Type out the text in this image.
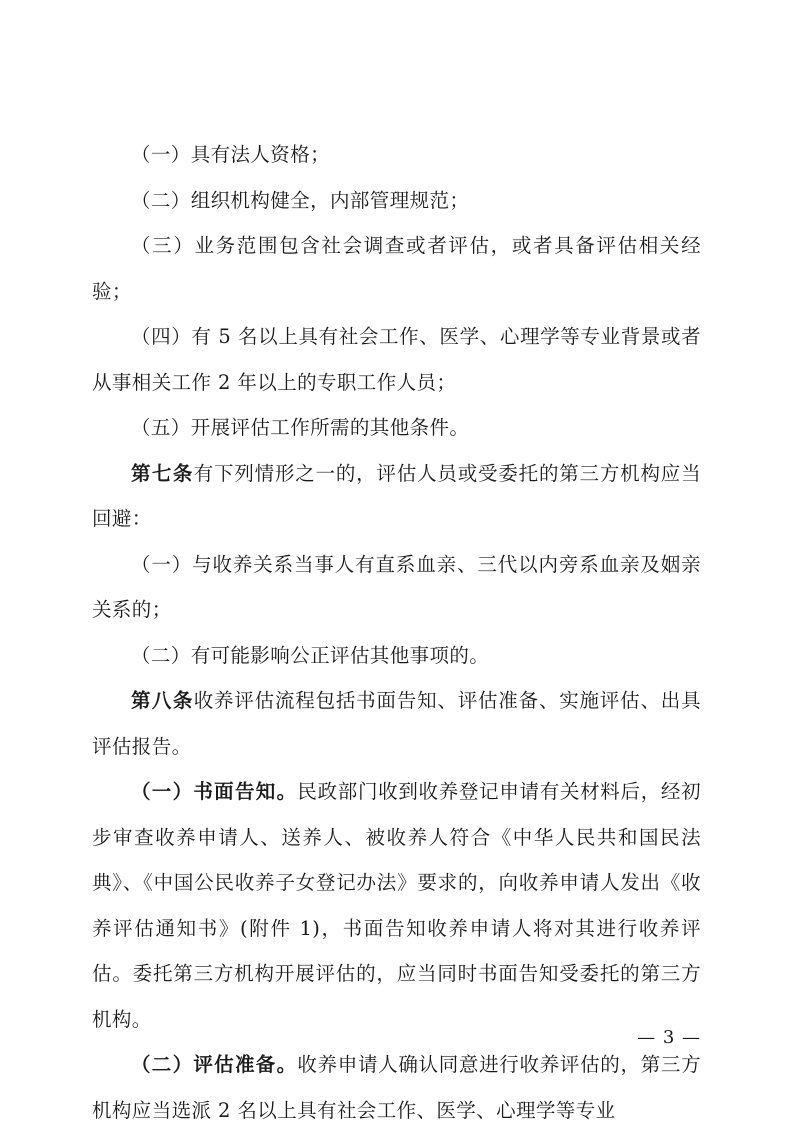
（一）具有法人资格；

（二）组织机构健全，内部管理规范；

（三）业务范围包含社会调查或者评估，或者具备评估相关经验；

（四）有 5 名以上具有社会工作、医学、心理学等专业背景或者从事相关工作 2 年以上的专职工作人员；

（五）开展评估工作所需的其他条件。

第七条有下列情形之一的，评估人员或受委托的第三方机构应当回避：

（一）与收养关系当事人有直系血亲、三代以内旁系血亲及姻亲关系的；

（二）有可能影响公正评估其他事项的。

第八条收养评估流程包括书面告知、评估准备、实施评估、出具评估报告。

（一）书面告知。民政部门收到收养登记申请有关材料后，经初步审查收养申请人、送养人、被收养人符合《中华人民共和国民法典》、《中国公民收养子女登记办法》要求的，向收养申请人发出《收养评估通知书》(附件 1)，书面告知收养申请人将对其进行收养评估。委托第三方机构开展评估的，应当同时书面告知受委托的第三方机构。

（二）评估准备。收养申请人确认同意进行收养评估的，第三方机构应当选派 2 名以上具有社会工作、医学、心理学等专业

— 3 —
